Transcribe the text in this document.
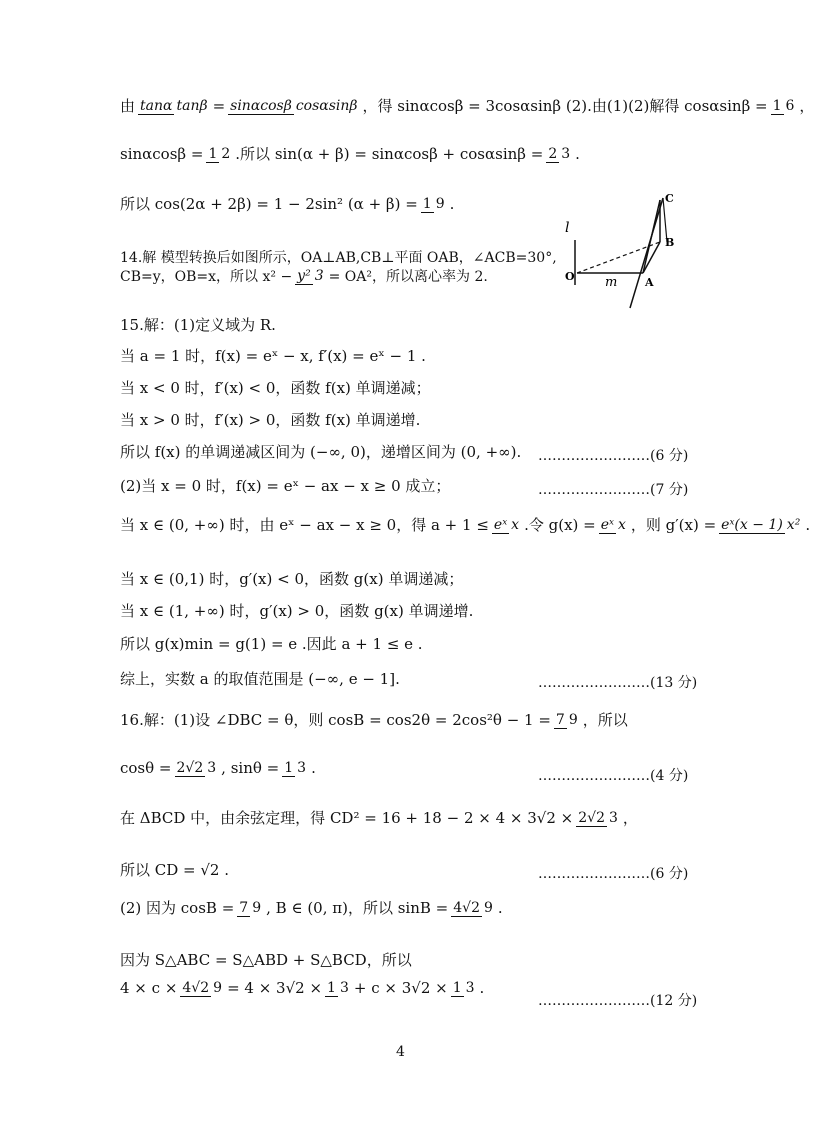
由 tanα tanβ = sinαcosβ cosαsinβ ，得 sinαcosβ = 3cosαsinβ (2).由(1)(2)解得 cosαsinβ = 1 6 ，
sinαcosβ = 1 2 .所以 sin(α + β) = sinαcosβ + cosαsinβ = 2 3 .
所以 cos(2α + 2β) = 1 − 2sin² (α + β) = 1 9 .
14.解 模型转换后如图所示，OA⊥AB,CB⊥平面 OAB，∠ACB=30°,
CB=y，OB=x，所以 x² − y² 3 = OA²，所以离心率为 2.
l
O
C
B
A
m
15.解：(1)定义域为 R.
当 a = 1 时，f(x) = eˣ − x, f′(x) = eˣ − 1 .
当 x < 0 时，f′(x) < 0，函数 f(x) 单调递减；
当 x > 0 时，f′(x) > 0，函数 f(x) 单调递增.
所以 f(x) 的单调递减区间为 (−∞, 0)，递增区间为 (0, +∞). ……………………(6 分)
(2)当 x = 0 时，f(x) = eˣ − ax − x ≥ 0 成立；	……………………(7 分)
当 x ∈ (0, +∞) 时，由 eˣ − ax − x ≥ 0，得 a + 1 ≤ eˣ x .令 g(x) = eˣ x ，则 g′(x) = eˣ(x − 1) x² .
当 x ∈ (0,1) 时，g′(x) < 0，函数 g(x) 单调递减；
当 x ∈ (1, +∞) 时，g′(x) > 0，函数 g(x) 单调递增.
所以 g(x)min = g(1) = e .因此 a + 1 ≤ e .
综上，实数 a 的取值范围是 (−∞, e − 1].	……………………(13 分)
16.解：(1)设 ∠DBC = θ，则 cosB = cos2θ = 2cos²θ − 1 = 7 9 ，所以
cosθ = 2√2 3 , sinθ = 1 3 .	……………………(4 分)
在 ΔBCD 中，由余弦定理，得 CD² = 16 + 18 − 2 × 4 × 3√2 × 2√2 3 ，
所以 CD = √2 .	……………………(6 分)
(2) 因为 cosB = 7 9 , B ∈ (0, π)，所以 sinB = 4√2 9 .
因为 S△ABC = S△ABD + S△BCD，所以
4 × c × 4√2 9 = 4 × 3√2 × 1 3 + c × 3√2 × 1 3 .
……………………(12 分)
4
